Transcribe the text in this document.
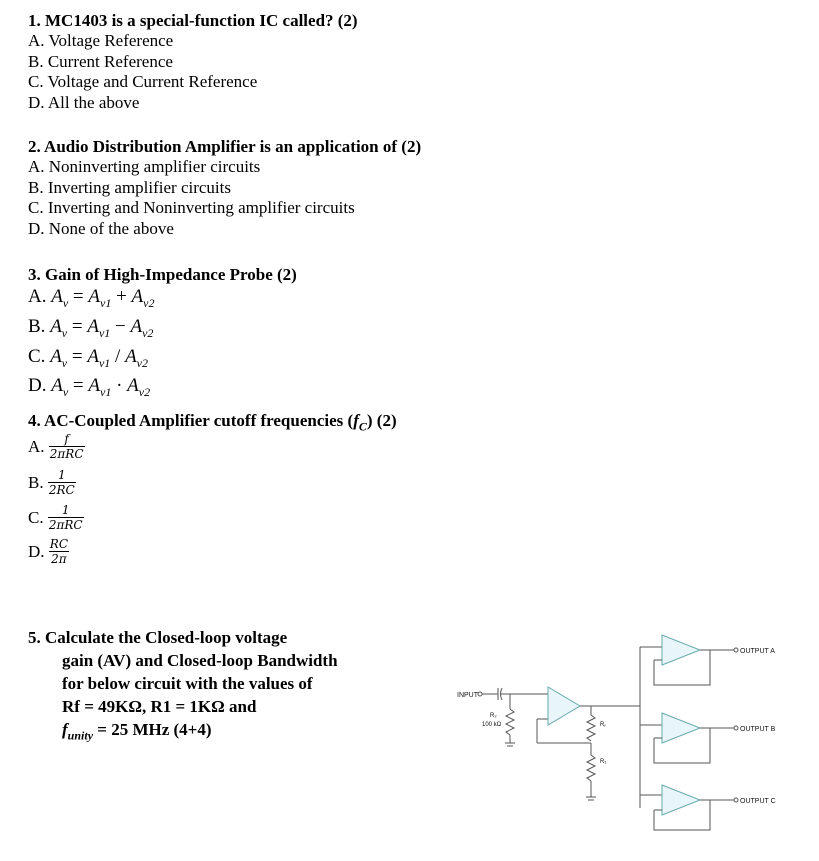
1. MC1403 is a special-function IC called? (2)
A. Voltage Reference
B. Current Reference
C. Voltage and Current Reference
D. All the above
2. Audio Distribution Amplifier is an application of (2)
A. Noninverting amplifier circuits
B. Inverting amplifier circuits
C. Inverting and Noninverting amplifier circuits
D. None of the above
3. Gain of High-Impedance Probe (2)
A. $A_v = A_{v1} + A_{v2}$
B. $A_v = A_{v1} - A_{v2}$
C. $A_v = A_{v1} / A_{v2}$
D. $A_v = A_{v1} \cdot A_{v2}$
4. AC-Coupled Amplifier cutoff frequencies $(f_C)$ (2)
A. $\frac{f}{\text{2πRC}}$
B. $\frac{1}{2RC}$
C. $\frac{1}{\text{2πRC}}$
D. $\frac{RC}{2\pi}$
5. Calculate the Closed-loop voltage
gain (AV) and Closed-loop Bandwidth
for below circuit with the values of
Rf = 49KΩ, R1 = 1KΩ and
$f_{unity} = 25$ MHz (4+4)
INPUT
R₂
100 kΩ	Rf
R₁
OUTPUT A
OUTPUT B
OUTPUT C
